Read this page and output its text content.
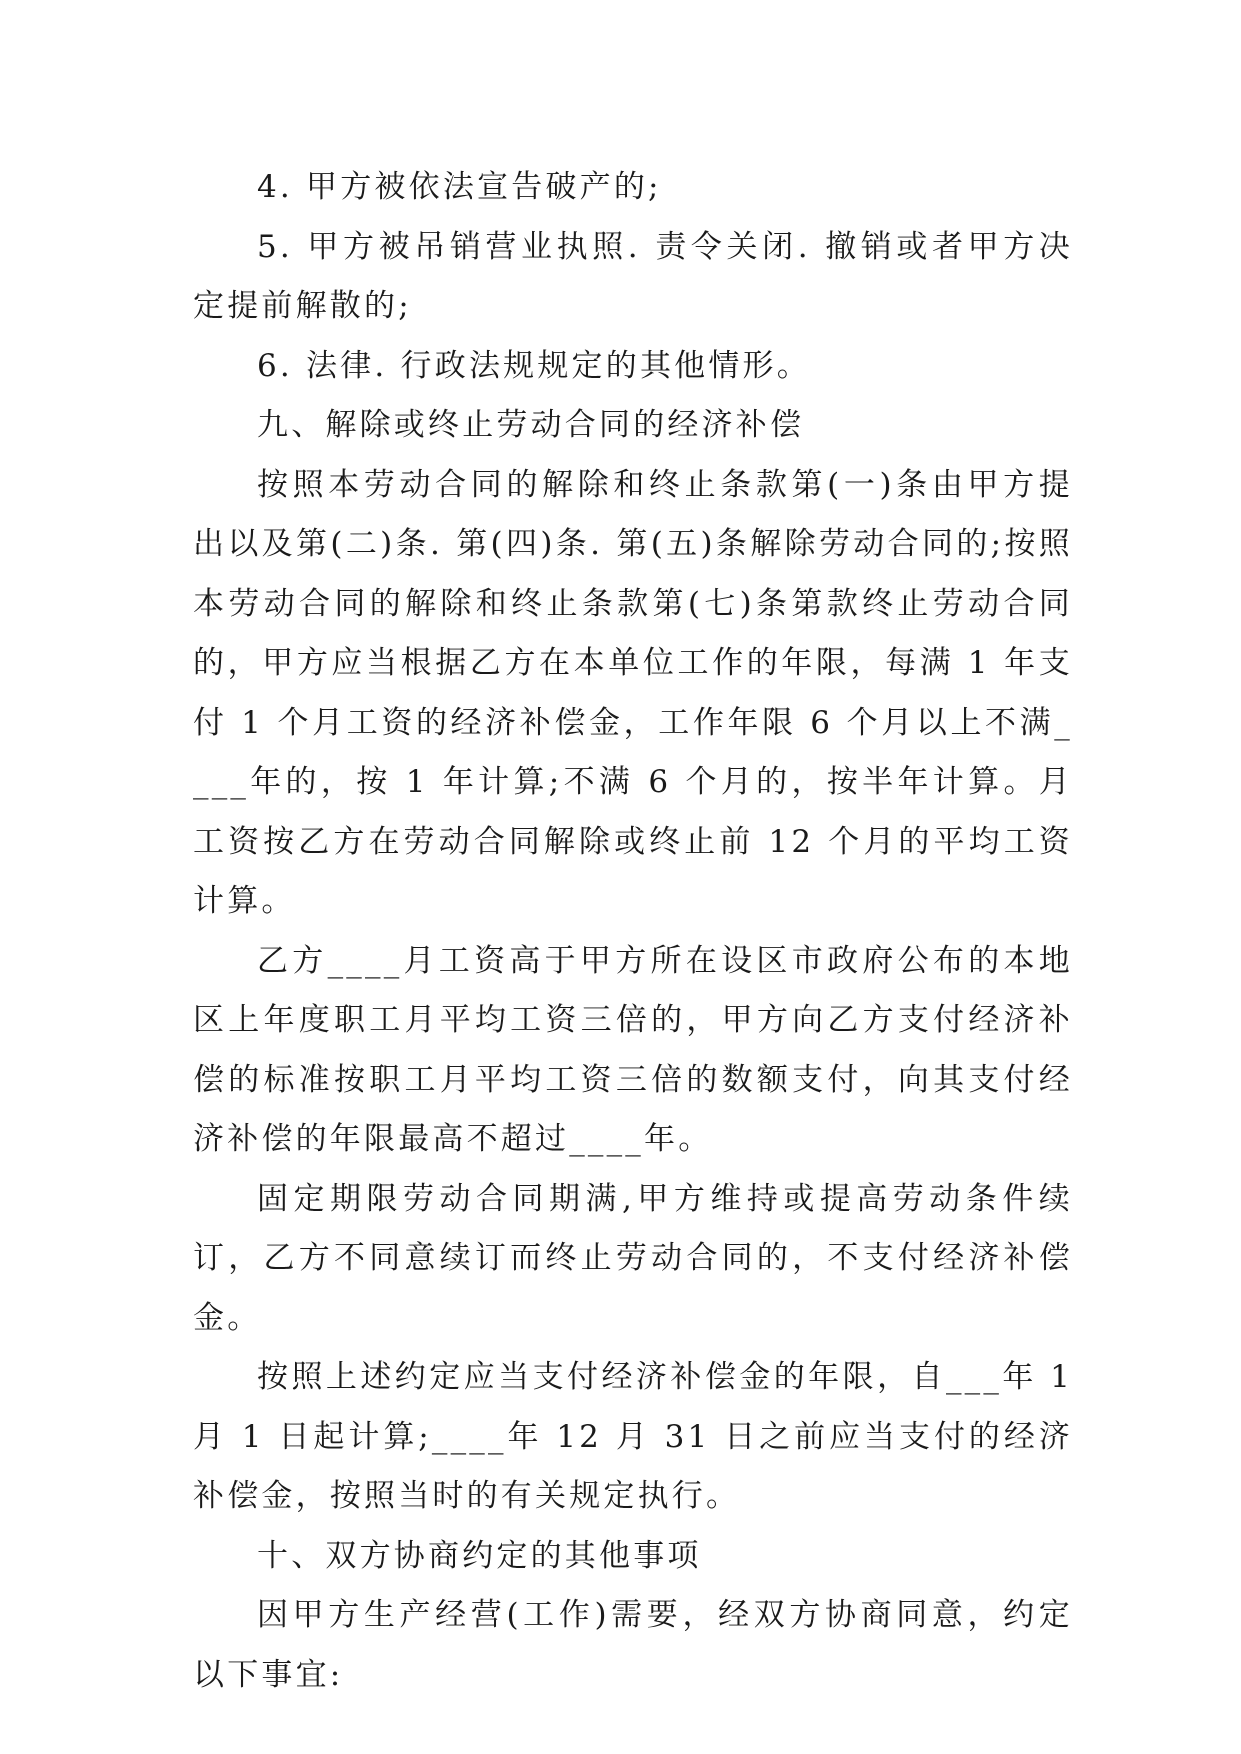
4. 甲方被依法宣告破产的;

5. 甲方被吊销营业执照. 责令关闭. 撤销或者甲方决定提前解散的;

6. 法律. 行政法规规定的其他情形。

九、解除或终止劳动合同的经济补偿

按照本劳动合同的解除和终止条款第(一)条由甲方提出以及第(二)条. 第(四)条. 第(五)条解除劳动合同的;按照本劳动合同的解除和终止条款第(七)条第款终止劳动合同的，甲方应当根据乙方在本单位工作的年限，每满 1 年支付 1 个月工资的经济补偿金，工作年限 6 个月以上不满____年的，按 1 年计算;不满 6 个月的，按半年计算。月工资按乙方在劳动合同解除或终止前 12 个月的平均工资计算。

乙方____月工资高于甲方所在设区市政府公布的本地区上年度职工月平均工资三倍的，甲方向乙方支付经济补偿的标准按职工月平均工资三倍的数额支付，向其支付经济补偿的年限最高不超过____年。

固定期限劳动合同期满,甲方维持或提高劳动条件续订，乙方不同意续订而终止劳动合同的，不支付经济补偿金。

按照上述约定应当支付经济补偿金的年限，自___年 1 月 1 日起计算;____年 12 月 31 日之前应当支付的经济补偿金，按照当时的有关规定执行。

十、双方协商约定的其他事项

因甲方生产经营(工作)需要，经双方协商同意，约定以下事宜:
